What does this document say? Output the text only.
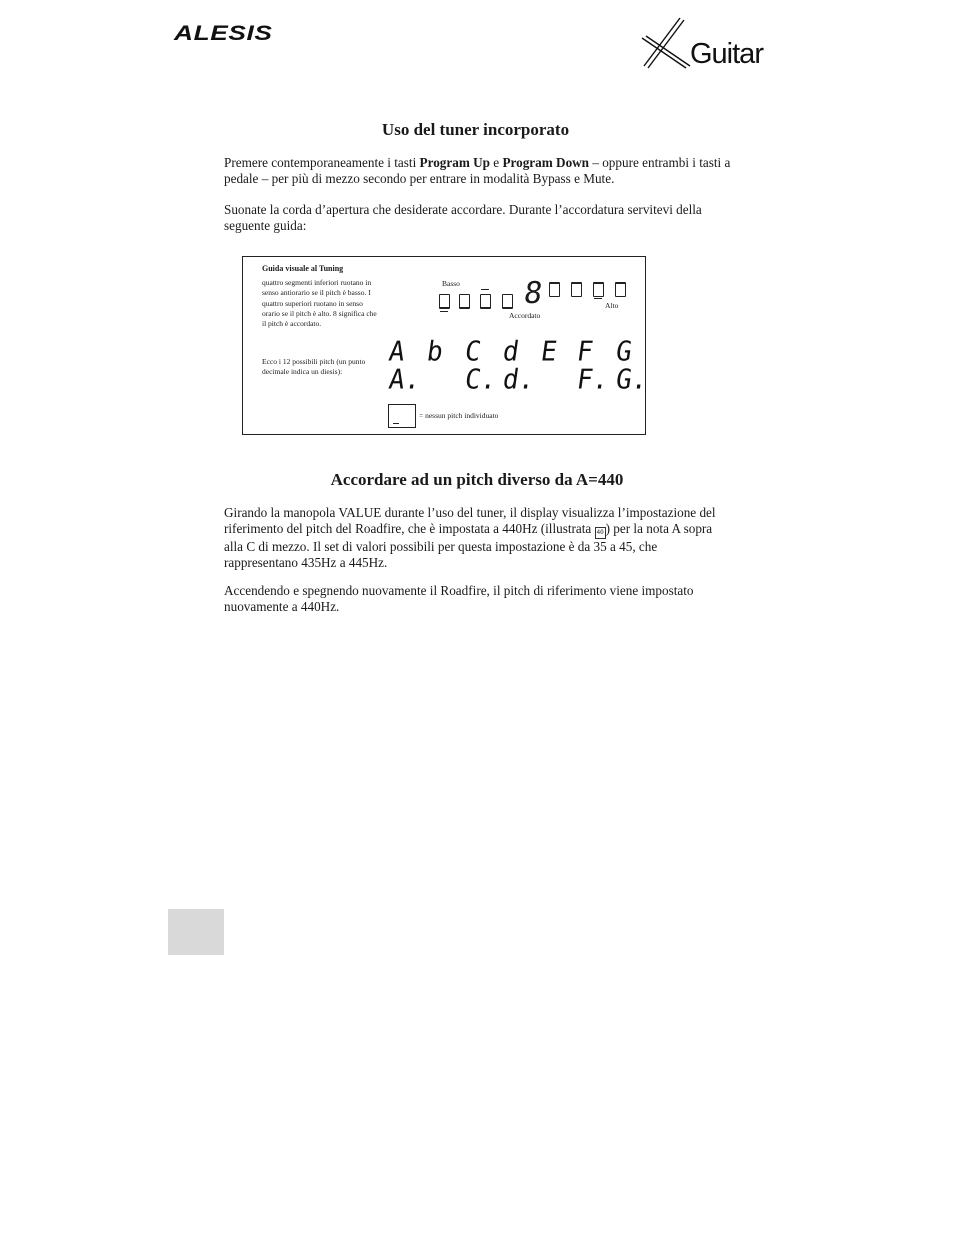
ALESIS
Guitar
Uso del tuner incorporato

Premere contemporaneamente i tasti Program Up e Program Down – oppure entrambi i tasti a pedale – per più di mezzo secondo per entrare in modalità Bypass e Mute.

Suonate la corda d’apertura che desiderate accordare. Durante l’accordatura servitevi della seguente guida:

Guida visuale al Tuning
quattro segmenti inferiori ruotano in senso antiorario se il pitch è basso. I quattro superiori ruotano in senso orario se il pitch è alto. 8 significa che il pitch è accordato.
Ecco i 12 possibili pitch (un punto decimale indica un diesis):
Basso
Alto
Accordato
8
A b C d E F G
A. C. d. F. G.
= nessun pitch individuato
Accordare ad un pitch diverso da A=440

Girando la manopola VALUE durante l’uso del tuner, il display visualizza l’impostazione del riferimento del pitch del Roadfire, che è impostata a 440Hz (illustrata 40 ) per la nota A sopra alla C di mezzo. Il set di valori possibili per questa impostazione è da 35 a 45, che rappresentano 435Hz a 445Hz.

Accendendo e spegnendo nuovamente il Roadfire, il pitch di riferimento viene impostato nuovamente a 440Hz.
